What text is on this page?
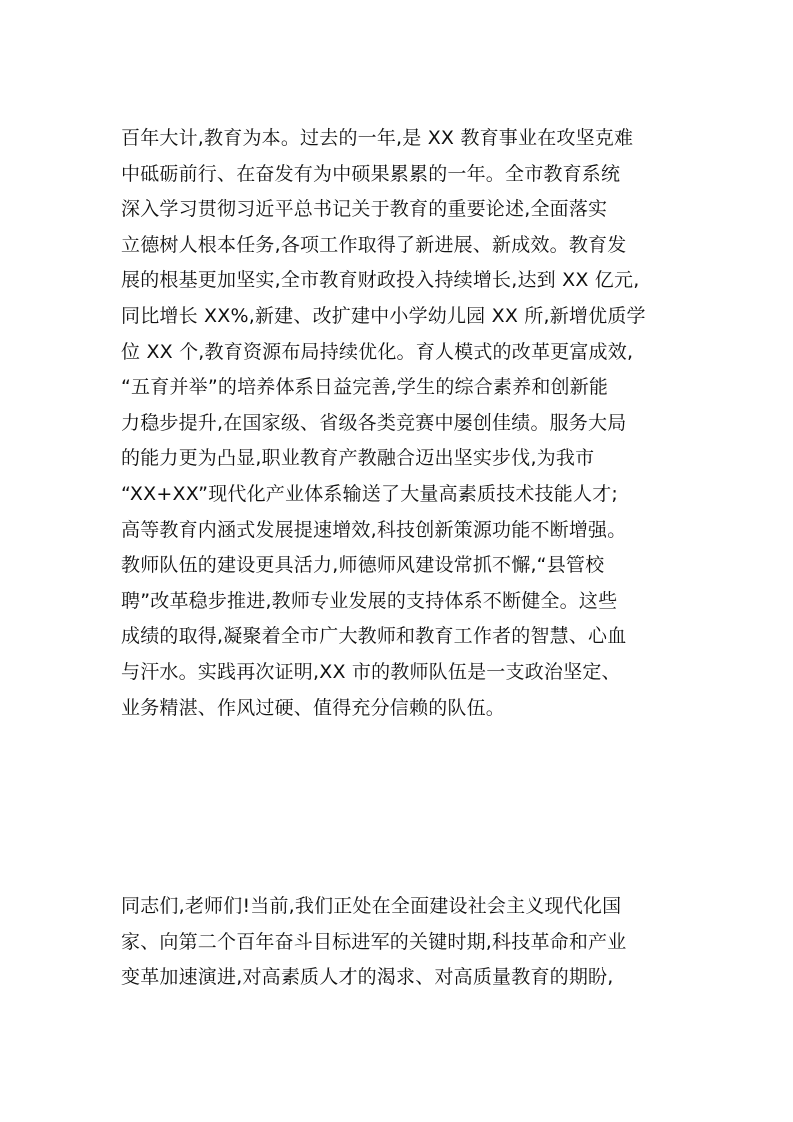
百年大计,教育为本。过去的一年,是 XX 教育事业在攻坚克难
中砥砺前行、在奋发有为中硕果累累的一年。全市教育系统
深入学习贯彻习近平总书记关于教育的重要论述,全面落实
立德树人根本任务,各项工作取得了新进展、新成效。教育发
展的根基更加坚实,全市教育财政投入持续增长,达到 XX 亿元,
同比增长 XX%,新建、改扩建中小学幼儿园 XX 所,新增优质学
位 XX 个,教育资源布局持续优化。育人模式的改革更富成效,
“五育并举”的培养体系日益完善,学生的综合素养和创新能
力稳步提升,在国家级、省级各类竞赛中屡创佳绩。服务大局
的能力更为凸显,职业教育产教融合迈出坚实步伐,为我市
“XX+XX”现代化产业体系输送了大量高素质技术技能人才;
高等教育内涵式发展提速增效,科技创新策源功能不断增强。
教师队伍的建设更具活力,师德师风建设常抓不懈,“县管校
聘”改革稳步推进,教师专业发展的支持体系不断健全。这些
成绩的取得,凝聚着全市广大教师和教育工作者的智慧、心血
与汗水。实践再次证明,XX 市的教师队伍是一支政治坚定、
业务精湛、作风过硬、值得充分信赖的队伍。
同志们,老师们!当前,我们正处在全面建设社会主义现代化国
家、向第二个百年奋斗目标进军的关键时期,科技革命和产业
变革加速演进,对高素质人才的渴求、对高质量教育的期盼,
